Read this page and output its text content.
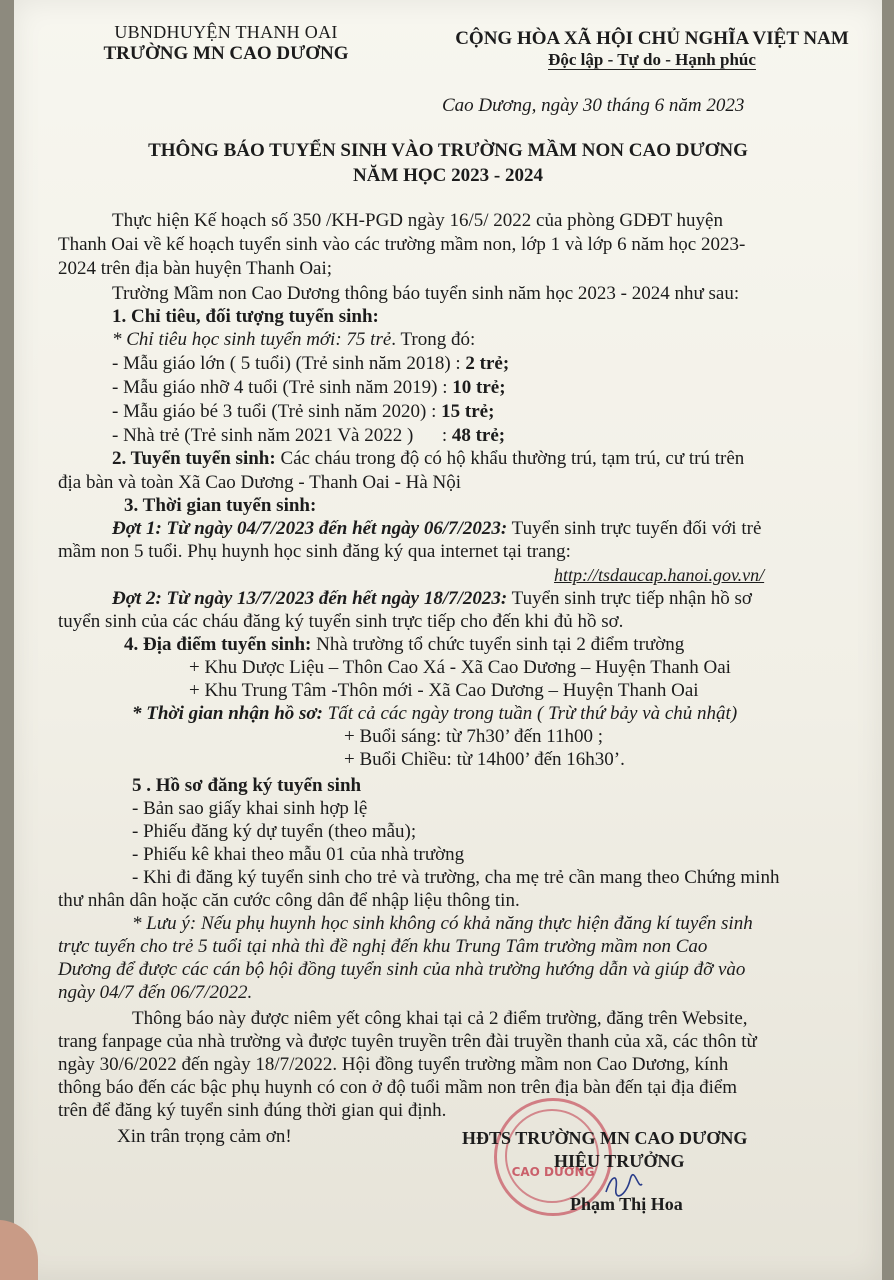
UBNDHUYỆN THANH OAI
TRƯỜNG MN CAO DƯƠNG
CỘNG HÒA XÃ HỘI CHỦ NGHĨA VIỆT NAM
Độc lập - Tự do - Hạnh phúc
Cao Dương, ngày 30 tháng 6 năm 2023
THÔNG BÁO TUYỂN SINH VÀO TRƯỜNG MẦM NON CAO DƯƠNG
NĂM HỌC 2023 - 2024
Thực hiện Kế hoạch số 350 /KH-PGD ngày 16/5/ 2022 của phòng GDĐT huyện
Thanh Oai về kế hoạch tuyển sinh vào các trường mầm non, lớp 1 và lớp 6 năm học 2023-
2024 trên địa bàn huyện Thanh Oai;
Trường Mầm non Cao Dương thông báo tuyển sinh năm học 2023 - 2024 như sau:
1. Chỉ tiêu, đối tượng tuyển sinh:
* Chỉ tiêu học sinh tuyển mới: 75 trẻ. Trong đó:
- Mẫu giáo lớn ( 5 tuổi) (Trẻ sinh năm 2018) : 2 trẻ;
- Mẫu giáo nhỡ 4 tuổi (Trẻ sinh năm 2019) : 10 trẻ;
- Mẫu giáo bé 3 tuổi (Trẻ sinh năm 2020) : 15 trẻ;
- Nhà trẻ (Trẻ sinh năm 2021 Và 2022 )      : 48 trẻ;
2. Tuyển tuyển sinh: Các cháu trong độ có hộ khẩu thường trú, tạm trú, cư trú trên
địa bàn và toàn Xã Cao Dương - Thanh Oai - Hà Nội
3. Thời gian tuyển sinh:
Đợt 1: Từ ngày 04/7/2023 đến hết ngày 06/7/2023: Tuyển sinh trực tuyến đối với trẻ
mầm non 5 tuổi. Phụ huynh học sinh đăng ký qua internet tại trang:
http://tsdaucap.hanoi.gov.vn/
Đợt 2: Từ ngày 13/7/2023 đến hết ngày 18/7/2023: Tuyển sinh trực tiếp nhận hồ sơ
tuyển sinh của các cháu đăng ký tuyển sinh trực tiếp cho đến khi đủ hồ sơ.
4. Địa điểm tuyển sinh: Nhà trường tổ chức tuyển sinh tại 2 điểm trường
+ Khu Dược Liệu – Thôn Cao Xá - Xã Cao Dương – Huyện Thanh Oai
+ Khu Trung Tâm -Thôn mới - Xã Cao Dương – Huyện Thanh Oai
* Thời gian nhận hồ sơ: Tất cả các ngày trong tuần ( Trừ thứ bảy và chủ nhật)
+ Buổi sáng: từ 7h30’ đến 11h00 ;
+ Buổi Chiều: từ 14h00’ đến 16h30’.
5 . Hồ sơ đăng ký tuyển sinh
- Bản sao giấy khai sinh hợp lệ
- Phiếu đăng ký dự tuyển (theo mẫu);
- Phiếu kê khai theo mẫu 01 của nhà trường
- Khi đi đăng ký tuyển sinh cho trẻ và trường, cha mẹ trẻ cần mang theo Chứng minh
thư nhân dân hoặc căn cước công dân để nhập liệu thông tin.
* Lưu ý: Nếu phụ huynh học sinh không có khả năng thực hiện đăng kí tuyển sinh
trực tuyến cho trẻ 5 tuổi tại nhà thì đề nghị đến khu Trung Tâm trường mầm non Cao
Dương để được các cán bộ hội đồng tuyển sinh của nhà trường hướng dẫn và giúp đỡ vào
ngày 04/7 đến 06/7/2022.
Thông báo này được niêm yết công khai tại cả 2 điểm trường, đăng trên Website,
trang fanpage của nhà trường và được tuyên truyền trên đài truyền thanh của xã, các thôn từ
ngày 30/6/2022 đến ngày 18/7/2022. Hội đồng tuyển trường mầm non Cao Dương, kính
thông báo đến các bậc phụ huynh có con ở độ tuổi mầm non trên địa bàn đến tại địa điểm
trên để đăng ký tuyển sinh đúng thời gian qui định.
Xin trân trọng cảm ơn!
CAO DƯƠNG
HĐTS TRƯỜNG MN CAO DƯƠNG
HIỆU TRƯỞNG
Phạm Thị Hoa
